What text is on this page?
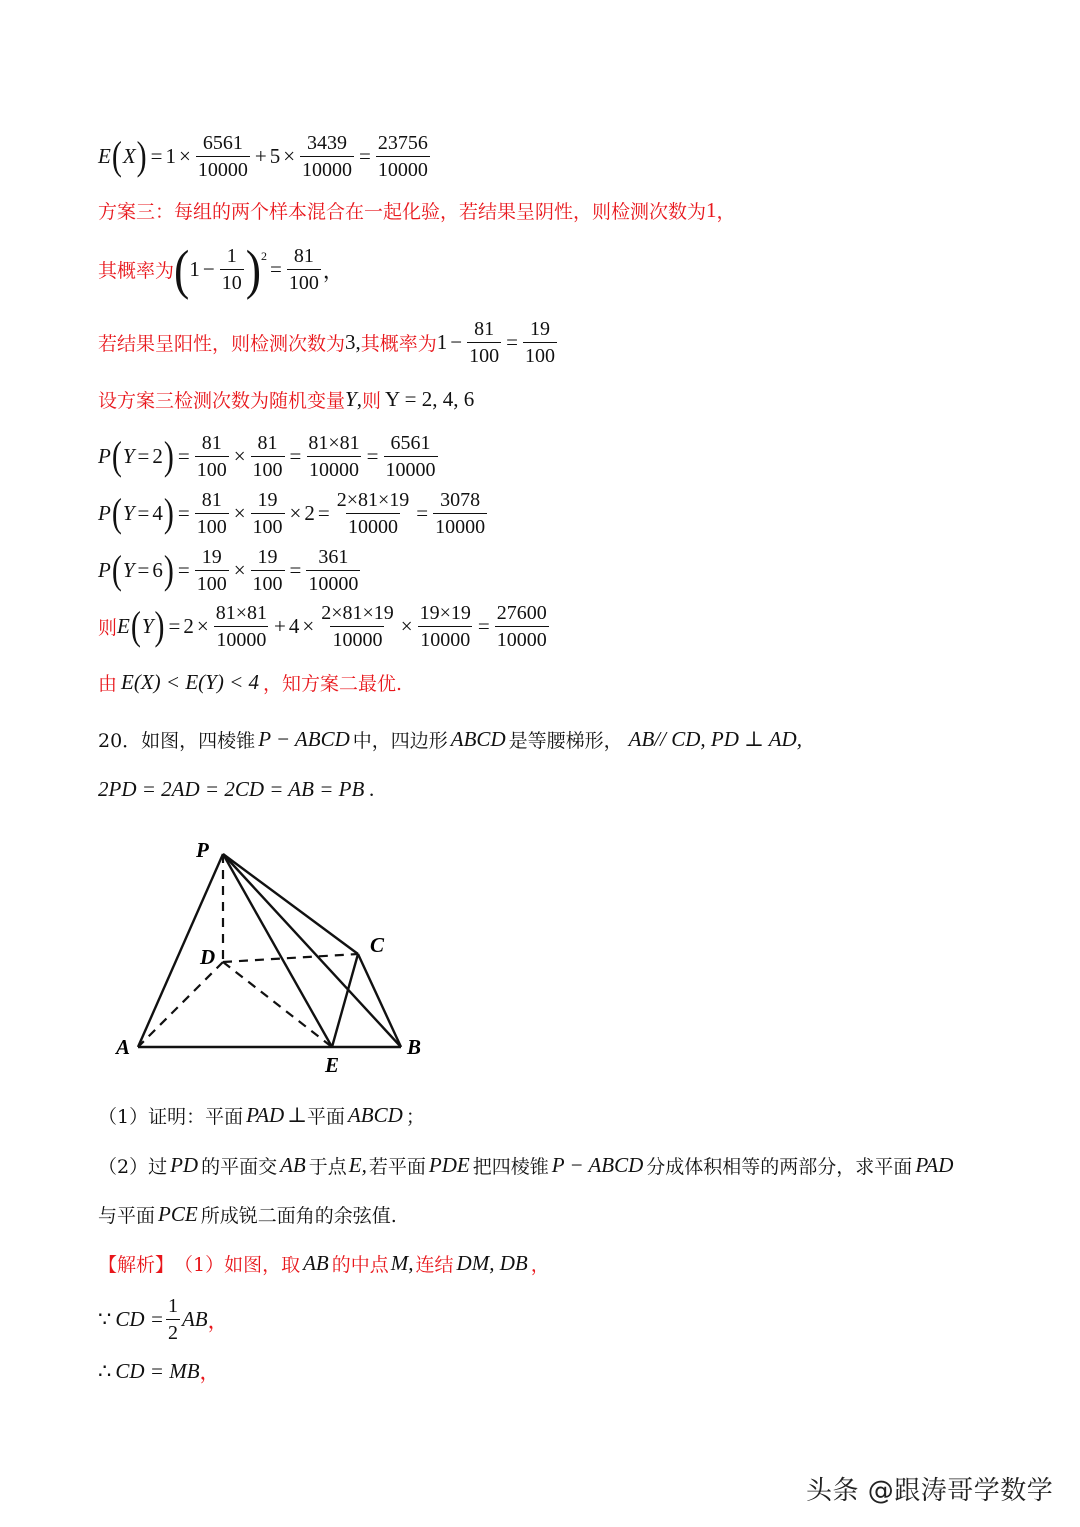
E ( X ) = $1 \times \frac{6561}{10000} + 5 \times \frac{3439}{10000} = \frac{23756}{10000}$
方案三：每组的两个样本混合在一起化验，若结果呈阴性，则检测次数为 1 ，
其概率为 ( $1 - \frac{1}{10} )^2$
= $\frac{81}{100}$ ，
若结果呈阳性，则检测次数为 3 , 其概率为 $1 - \frac{81}{100} = \frac{19}{100}$
设方案三检测次数为随机变量 Y , 则 Y = 2, 4, 6
P ( Y = 2 ) = $\frac{81}{100} \times \frac{81}{100} = \frac{81\times 81}{10000} = \frac{6561}{10000}$
P ( Y = 4 ) = $\frac{81}{100} \times \frac{19}{100} \times 2 = \frac{2\times 81\times 19}{10000} = \frac{3078}{10000}$
P ( Y = 6 ) = $\frac{19}{100} \times \frac{19}{100} = \frac{361}{10000}$
则 E ( Y ) = $2 \times \frac{81\times 81}{10000} + 4 \times \frac{2\times 81\times 19}{10000} \times \frac{19\times 19}{10000} = \frac{27600}{10000}$
由 E(X) < E(Y) < 4 ，知方案二最优.
20．如图，四棱锥 P − ABCD 中，四边形 ABCD 是等腰梯形， AB// CD, PD ⊥ AD,
2PD = 2AD = 2CD = AB = PB .
P
D	C
A
E
B
（1）证明：平面 PAD ⊥ 平面 ABCD ；
（2）过 PD 的平面交 AB 于点 E, 若平面 PDE 把四棱锥 P − ABCD 分成体积相等的两部分，求平面 PAD
与平面 PCE 所成锐二面角的余弦值.
【解析】 （1）如图，取 AB 的中点 M, 连结 DM, DB ，
∵ CD = $\frac{1}{2}$ AB ，
∴ CD = MB ，
头条 @跟涛哥学数学
